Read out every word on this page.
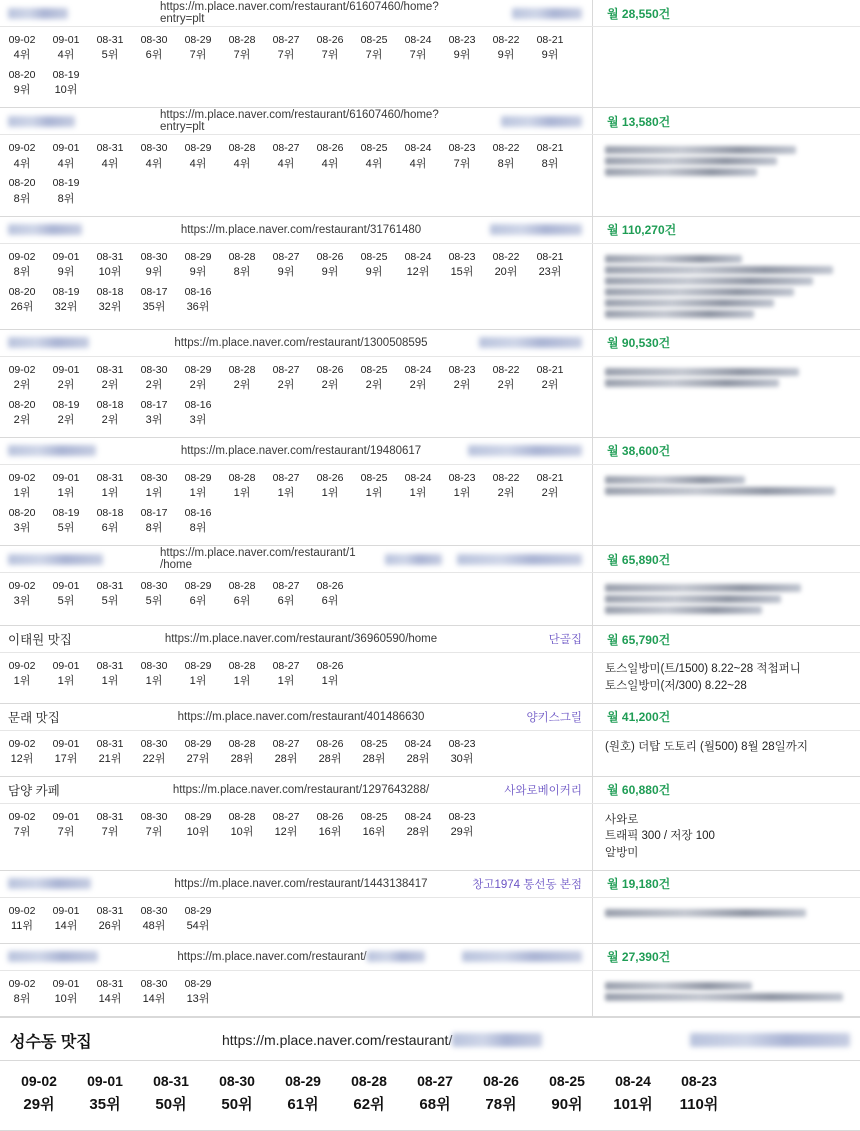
https://m.place.naver.com/restaurant/61607460/home?entry=plt	월 28,550건
09-02
4위
09-01
4위
08-31
5위
08-30
6위
08-29
7위
08-28
7위
08-27
7위
08-26
7위
08-25
7위
08-24
7위
08-23
9위
08-22
9위
08-21
9위
08-20
9위
08-19
10위
https://m.place.naver.com/restaurant/61607460/home?entry=plt	월 13,580건
09-02
4위
09-01
4위
08-31
4위
08-30
4위
08-29
4위
08-28
4위
08-27
4위
08-26
4위
08-25
4위
08-24
4위
08-23
7위
08-22
8위
08-21
8위
08-20
8위
08-19
8위
https://m.place.naver.com/restaurant/31761480	월 110,270건
09-02
8위
09-01
9위
08-31
10위
08-30
9위
08-29
9위
08-28
8위
08-27
9위
08-26
9위
08-25
9위
08-24
12위
08-23
15위
08-22
20위
08-21
23위
08-20
26위
08-19
32위
08-18
32위
08-17
35위
08-16
36위
https://m.place.naver.com/restaurant/1300508595	월 90,530건
09-02
2위
09-01
2위
08-31
2위
08-30
2위
08-29
2위
08-28
2위
08-27
2위
08-26
2위
08-25
2위
08-24
2위
08-23
2위
08-22
2위
08-21
2위
08-20
2위
08-19
2위
08-18
2위
08-17
3위
08-16
3위
https://m.place.naver.com/restaurant/19480617	월 38,600건
09-02
1위
09-01
1위
08-31
1위
08-30
1위
08-29
1위
08-28
1위
08-27
1위
08-26
1위
08-25
1위
08-24
1위
08-23
1위
08-22
2위
08-21
2위
08-20
3위
08-19
5위
08-18
6위
08-17
8위
08-16
8위
https://m.place.naver.com/restaurant/1 /home	월 65,890건
09-02
3위
09-01
5위
08-31
5위
08-30
5위
08-29
6위
08-28
6위
08-27
6위
08-26
6위
이태원 맛집	https://m.place.naver.com/restaurant/36960590/home	단골집 월 65,790건
09-02
1위
09-01
1위
08-31
1위
08-30
1위
08-29
1위
08-28
1위
08-27
1위
08-26
1위
토스일방미(트/1500) 8.22~28 적첩퍼니
토스일방미(저/300) 8.22~28
문래 맛집	https://m.place.naver.com/restaurant/401486630	양키스그릴 월 41,200건
09-02
12위
09-01
17위
08-31
21위
08-30
22위
08-29
27위
08-28
28위
08-27
28위
08-26
28위
08-25
28위
08-24
28위
08-23
30위
(원호) 더탑 도토리 (월500) 8월 28일까지
담양 카페	https://m.place.naver.com/restaurant/1297643288/	사와로베이커리 월 60,880건
09-02
7위
09-01
7위
08-31
7위
08-30
7위
08-29
10위
08-28
10위
08-27
12위
08-26
16위
08-25
16위
08-24
28위
08-23
29위
사와로
트래픽 300 / 저장 100
알방미
https://m.place.naver.com/restaurant/1443138417	창고1974 통선동 본점 월 19,180건
09-02
11위
09-01
14위
08-31
26위
08-30
48위
08-29
54위
https://m.place.naver.com/restaurant/	월 27,390건
09-02
8위
09-01
10위
08-31
14위
08-30
14위
08-29
13위
성수동 맛집	https://m.place.naver.com/restaurant/
09-02
29위
09-01
35위
08-31
50위
08-30
50위
08-29
61위
08-28
62위
08-27
68위
08-26
78위
08-25
90위
08-24
101위
08-23
110위
